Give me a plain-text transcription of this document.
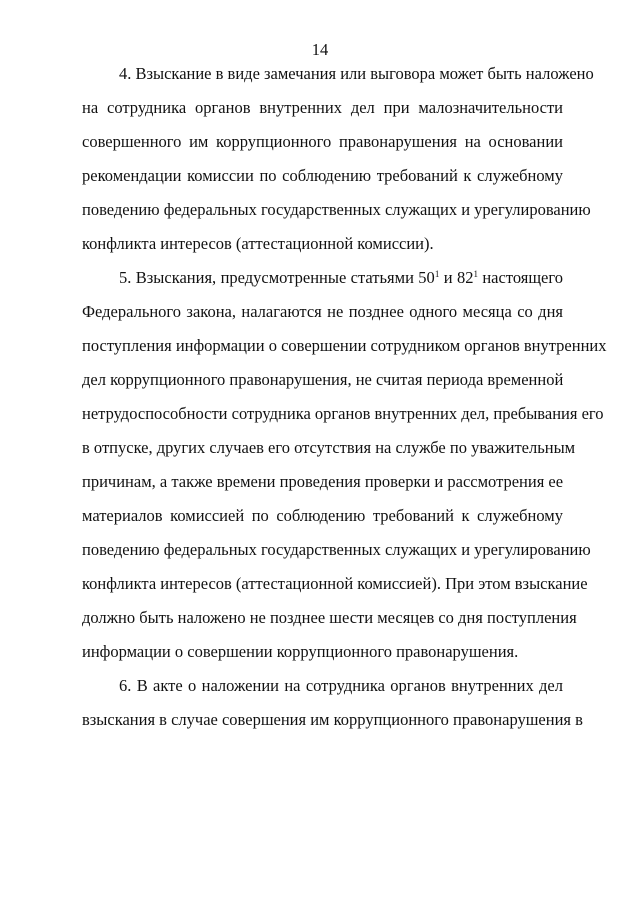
14
4. Взыскание в виде замечания или выговора может быть наложено
на сотрудника органов внутренних дел при малозначительности
совершенного им коррупционного правонарушения на основании
рекомендации комиссии по соблюдению требований к служебному
поведению федеральных государственных служащих и урегулированию
конфликта интересов (аттестационной комиссии).
5. Взыскания, предусмотренные статьями $50^1$ и $82^1$ настоящего
Федерального закона, налагаются не позднее одного месяца со дня
поступления информации о совершении сотрудником органов внутренних
дел коррупционного правонарушения, не считая периода временной
нетрудоспособности сотрудника органов внутренних дел, пребывания его
в отпуске, других случаев его отсутствия на службе по уважительным
причинам, а также времени проведения проверки и рассмотрения ее
материалов комиссией по соблюдению требований к служебному
поведению федеральных государственных служащих и урегулированию
конфликта интересов (аттестационной комиссией). При этом взыскание
должно быть наложено не позднее шести месяцев со дня поступления
информации о совершении коррупционного правонарушения.
6. В акте о наложении на сотрудника органов внутренних дел
взыскания в случае совершения им коррупционного правонарушения в
